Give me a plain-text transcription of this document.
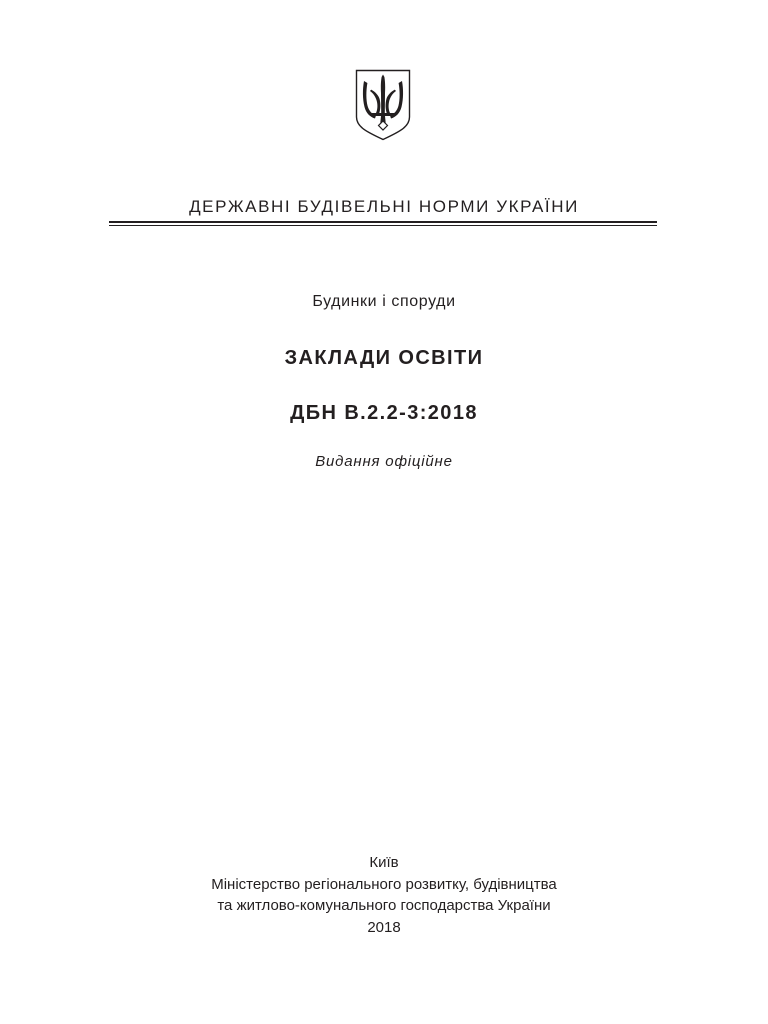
ДЕРЖАВНІ БУДІВЕЛЬНІ НОРМИ УКРАЇНИ
Будинки і споруди
ЗАКЛАДИ ОСВІТИ
ДБН В.2.2-3:2018
Видання офіційне
Київ
Міністерство регіонального розвитку, будівництва
та житлово-комунального господарства України
2018
